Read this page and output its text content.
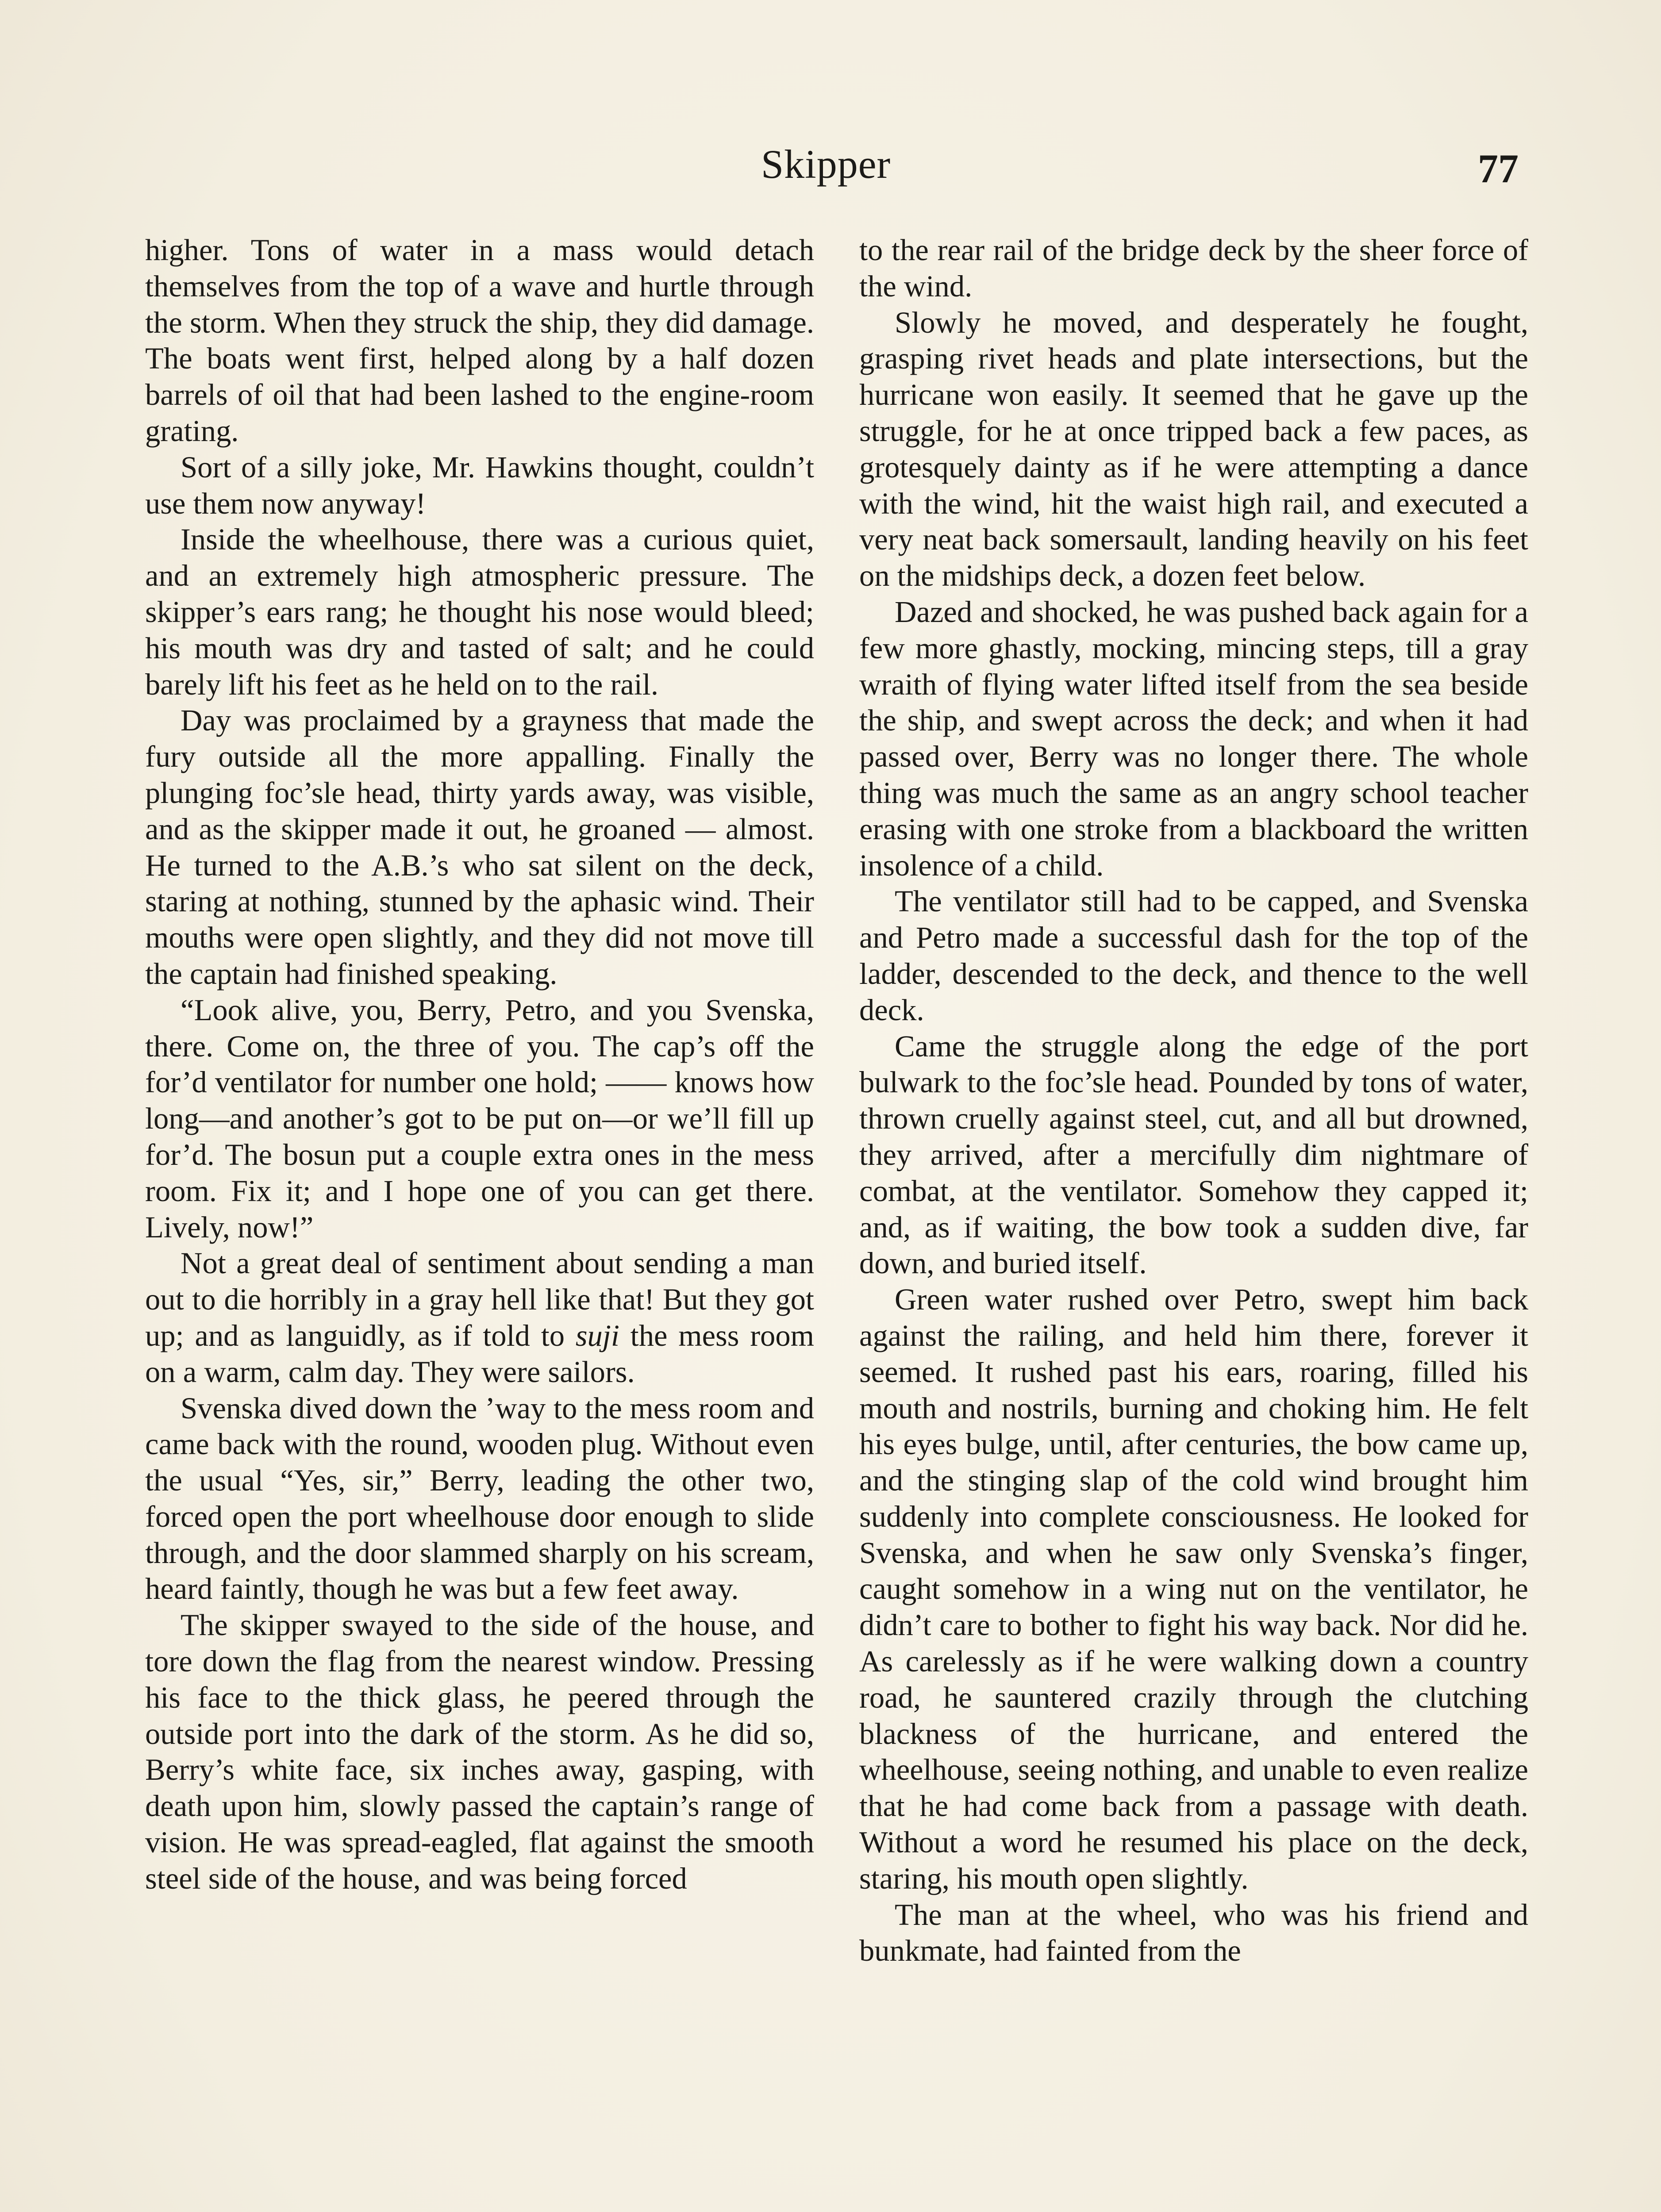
Skipper	77

higher. Tons of water in a mass would detach themselves from the top of a wave and hurtle through the storm. When they struck the ship, they did damage. The boats went first, helped along by a half dozen barrels of oil that had been lashed to the engine-room grating.

Sort of a silly joke, Mr. Hawkins thought, couldn’t use them now anyway!

Inside the wheelhouse, there was a curious quiet, and an extremely high atmospheric pressure. The skipper’s ears rang; he thought his nose would bleed; his mouth was dry and tasted of salt; and he could barely lift his feet as he held on to the rail.

Day was proclaimed by a grayness that made the fury outside all the more appalling. Finally the plunging foc’sle head, thirty yards away, was visible, and as the skipper made it out, he groaned — almost. He turned to the A.B.’s who sat silent on the deck, staring at nothing, stunned by the aphasic wind. Their mouths were open slightly, and they did not move till the captain had finished speaking.

“Look alive, you, Berry, Petro, and you Svenska, there. Come on, the three of you. The cap’s off the for’d ventilator for number one hold; —— knows how long—and another’s got to be put on—or we’ll fill up for’d. The bosun put a couple extra ones in the mess room. Fix it; and I hope one of you can get there. Lively, now!”

Not a great deal of sentiment about sending a man out to die horribly in a gray hell like that! But they got up; and as languidly, as if told to suji the mess room on a warm, calm day. They were sailors.

Svenska dived down the ’way to the mess room and came back with the round, wooden plug. Without even the usual “Yes, sir,” Berry, leading the other two, forced open the port wheelhouse door enough to slide through, and the door slammed sharply on his scream, heard faintly, though he was but a few feet away.

The skipper swayed to the side of the house, and tore down the flag from the nearest window. Pressing his face to the thick glass, he peered through the outside port into the dark of the storm. As he did so, Berry’s white face, six inches away, gasping, with death upon him, slowly passed the captain’s range of vision. He was spread-eagled, flat against the smooth steel side of the house, and was being forced

to the rear rail of the bridge deck by the sheer force of the wind.

Slowly he moved, and desperately he fought, grasping rivet heads and plate intersections, but the hurricane won easily. It seemed that he gave up the struggle, for he at once tripped back a few paces, as grotesquely dainty as if he were attempting a dance with the wind, hit the waist high rail, and executed a very neat back somersault, landing heavily on his feet on the midships deck, a dozen feet below.

Dazed and shocked, he was pushed back again for a few more ghastly, mocking, mincing steps, till a gray wraith of flying water lifted itself from the sea beside the ship, and swept across the deck; and when it had passed over, Berry was no longer there. The whole thing was much the same as an angry school teacher erasing with one stroke from a blackboard the written insolence of a child.

The ventilator still had to be capped, and Svenska and Petro made a successful dash for the top of the ladder, descended to the deck, and thence to the well deck.

Came the struggle along the edge of the port bulwark to the foc’sle head. Pounded by tons of water, thrown cruelly against steel, cut, and all but drowned, they arrived, after a mercifully dim nightmare of combat, at the ventilator. Somehow they capped it; and, as if waiting, the bow took a sudden dive, far down, and buried itself.

Green water rushed over Petro, swept him back against the railing, and held him there, forever it seemed. It rushed past his ears, roaring, filled his mouth and nostrils, burning and choking him. He felt his eyes bulge, until, after centuries, the bow came up, and the stinging slap of the cold wind brought him suddenly into complete consciousness. He looked for Svenska, and when he saw only Svenska’s finger, caught somehow in a wing nut on the ventilator, he didn’t care to bother to fight his way back. Nor did he. As carelessly as if he were walking down a country road, he sauntered crazily through the clutching blackness of the hurricane, and entered the wheelhouse, seeing nothing, and unable to even realize that he had come back from a passage with death. Without a word he resumed his place on the deck, staring, his mouth open slightly.

The man at the wheel, who was his friend and bunkmate, had fainted from the
